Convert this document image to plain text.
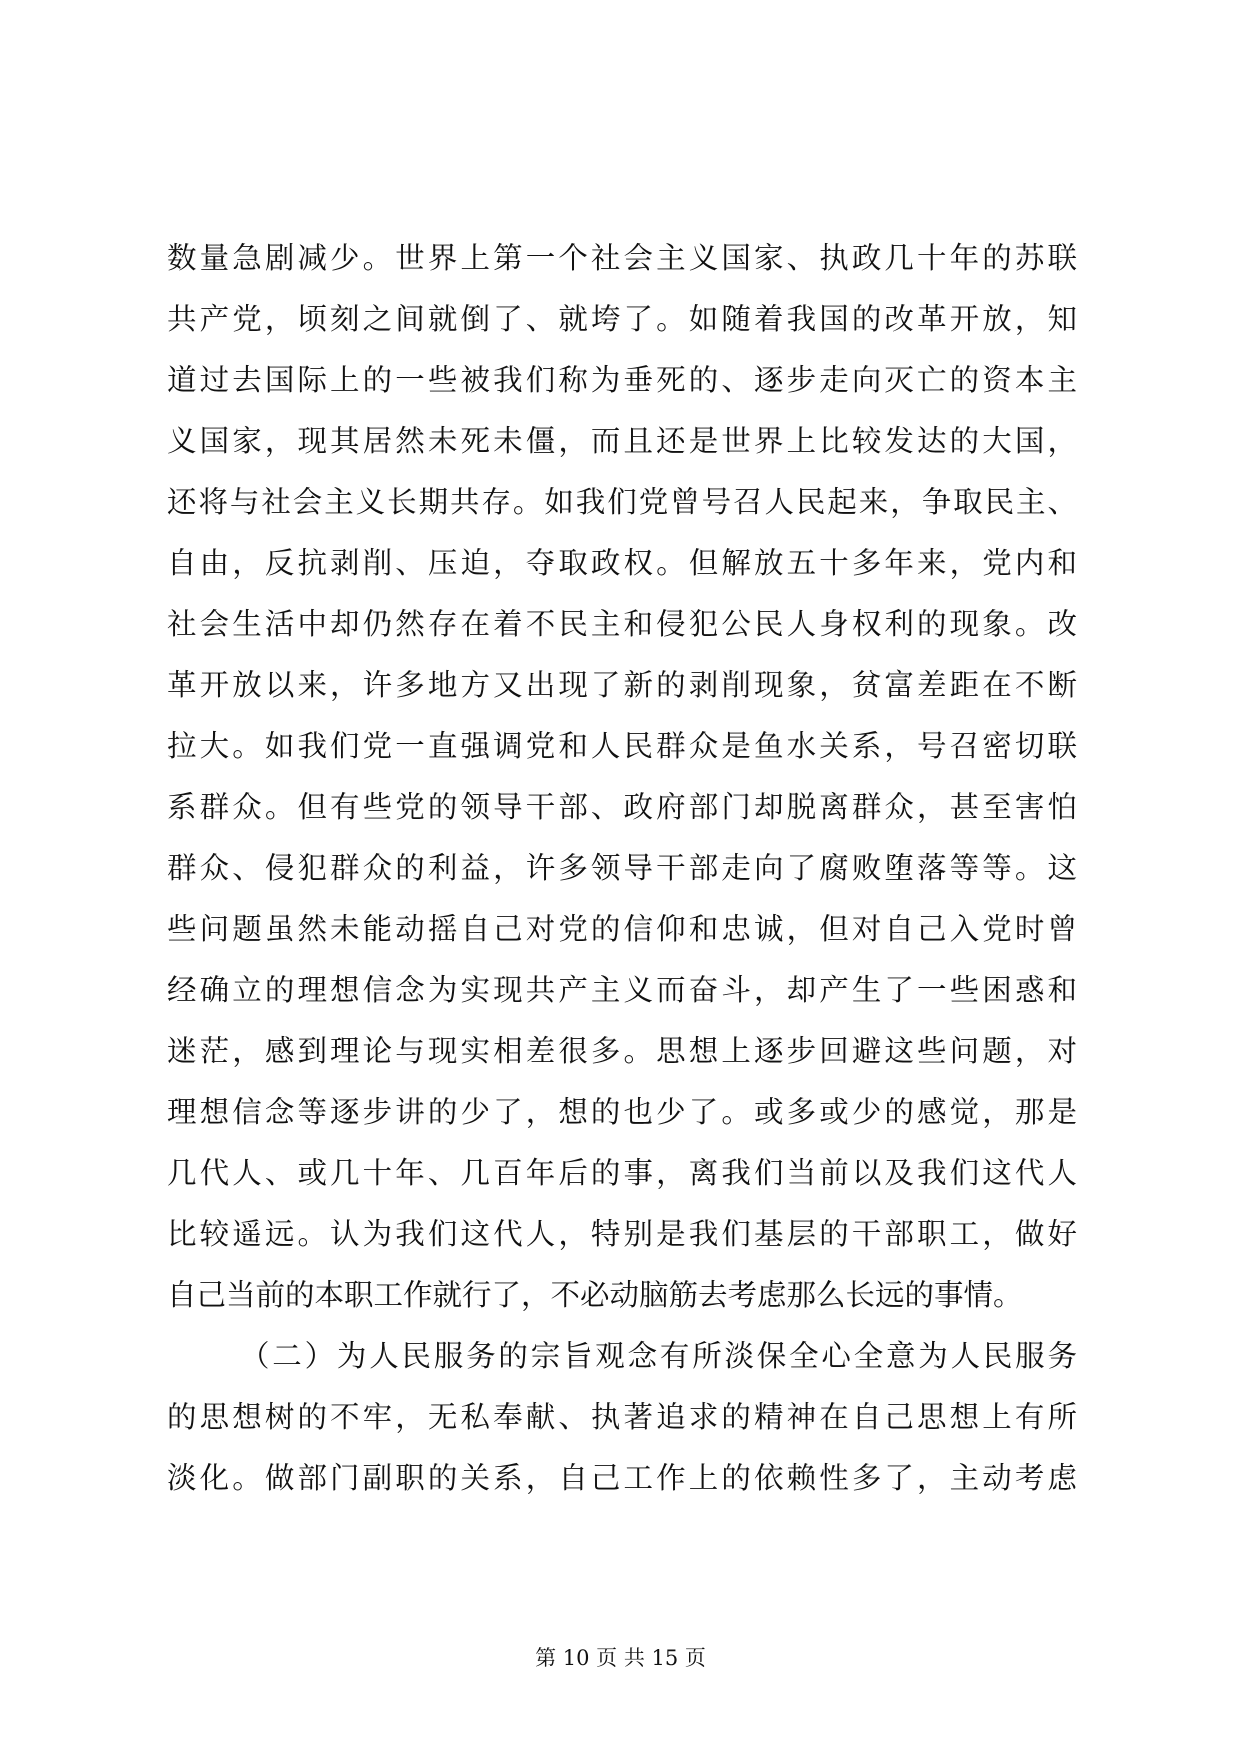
数量急剧减少。世界上第一个社会主义国家、执政几十年的苏联
共产党，顷刻之间就倒了、就垮了。如随着我国的改革开放，知
道过去国际上的一些被我们称为垂死的、逐步走向灭亡的资本主
义国家，现其居然未死未僵，而且还是世界上比较发达的大国，
还将与社会主义长期共存。如我们党曾号召人民起来，争取民主、
自由，反抗剥削、压迫，夺取政权。但解放五十多年来，党内和
社会生活中却仍然存在着不民主和侵犯公民人身权利的现象。改
革开放以来，许多地方又出现了新的剥削现象，贫富差距在不断
拉大。如我们党一直强调党和人民群众是鱼水关系，号召密切联
系群众。但有些党的领导干部、政府部门却脱离群众，甚至害怕
群众、侵犯群众的利益，许多领导干部走向了腐败堕落等等。这
些问题虽然未能动摇自己对党的信仰和忠诚，但对自己入党时曾
经确立的理想信念为实现共产主义而奋斗，却产生了一些困惑和
迷茫，感到理论与现实相差很多。思想上逐步回避这些问题，对
理想信念等逐步讲的少了，想的也少了。或多或少的感觉，那是
几代人、或几十年、几百年后的事，离我们当前以及我们这代人
比较遥远。认为我们这代人，特别是我们基层的干部职工，做好
自己当前的本职工作就行了，不必动脑筋去考虑那么长远的事情。
（二）为人民服务的宗旨观念有所淡保全心全意为人民服务
的思想树的不牢，无私奉献、执著追求的精神在自己思想上有所
淡化。做部门副职的关系，自己工作上的依赖性多了，主动考虑
第 10 页 共 15 页
